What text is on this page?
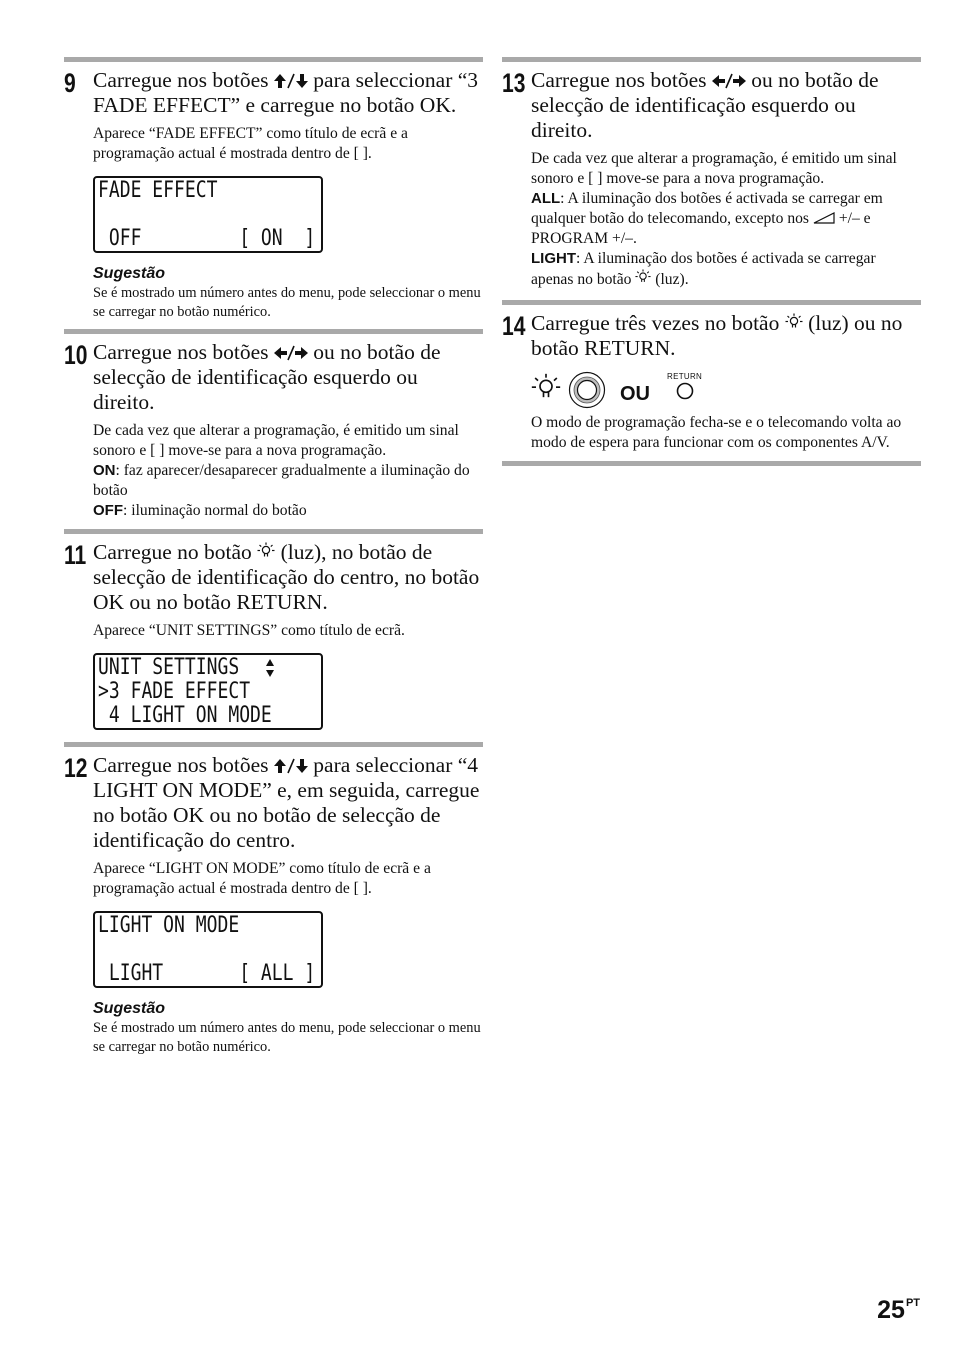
9 Carregue nos botões para seleccionar “3 FADE EFFECT” e carregue no botão OK.

Aparece “FADE EFFECT” como título de ecrã e a programação actual é mostrada dentro de [ ].

FADE EFFECT
OFF         [ ON  ]

Sugestão

Se é mostrado um número antes do menu, pode seleccionar o menu se carregar no botão numérico.

10 Carregue nos botões ou no botão de selecção de identificação esquerdo ou direito.

De cada vez que alterar a programação, é emitido um sinal sonoro e [ ] move-se para a nova programação.
ON: faz aparecer/desaparecer gradualmente a iluminação do botão
OFF: iluminação normal do botão

11 Carregue no botão (luz), no botão de selecção de identificação do centro, no botão OK ou no botão RETURN.

Aparece “UNIT SETTINGS” como título de ecrã.

UNIT SETTINGS
>3 FADE EFFECT
4 LIGHT ON MODE
12 Carregue nos botões para seleccionar “4 LIGHT ON MODE” e, em seguida, carregue no botão OK ou no botão de selecção de identificação do centro.

Aparece “LIGHT ON MODE” como título de ecrã e a programação actual é mostrada dentro de [ ].

LIGHT ON MODE
LIGHT       [ ALL ]

Sugestão

Se é mostrado um número antes do menu, pode seleccionar o menu se carregar no botão numérico.

13 Carregue nos botões ou no botão de selecção de identificação esquerdo ou direito.

De cada vez que alterar a programação, é emitido um sinal sonoro e [ ] move-se para a nova programação.
ALL: A iluminação dos botões é activada se carregar em qualquer botão do telecomando, excepto nos +/– e PROGRAM +/–.
LIGHT: A iluminação dos botões é activada se carregar apenas no botão (luz).

14 Carregue três vezes no botão (luz) ou no botão RETURN.

OU
RETURN

O modo de programação fecha-se e o telecomando volta ao modo de espera para funcionar com os componentes A/V.

$25^{PT}$
